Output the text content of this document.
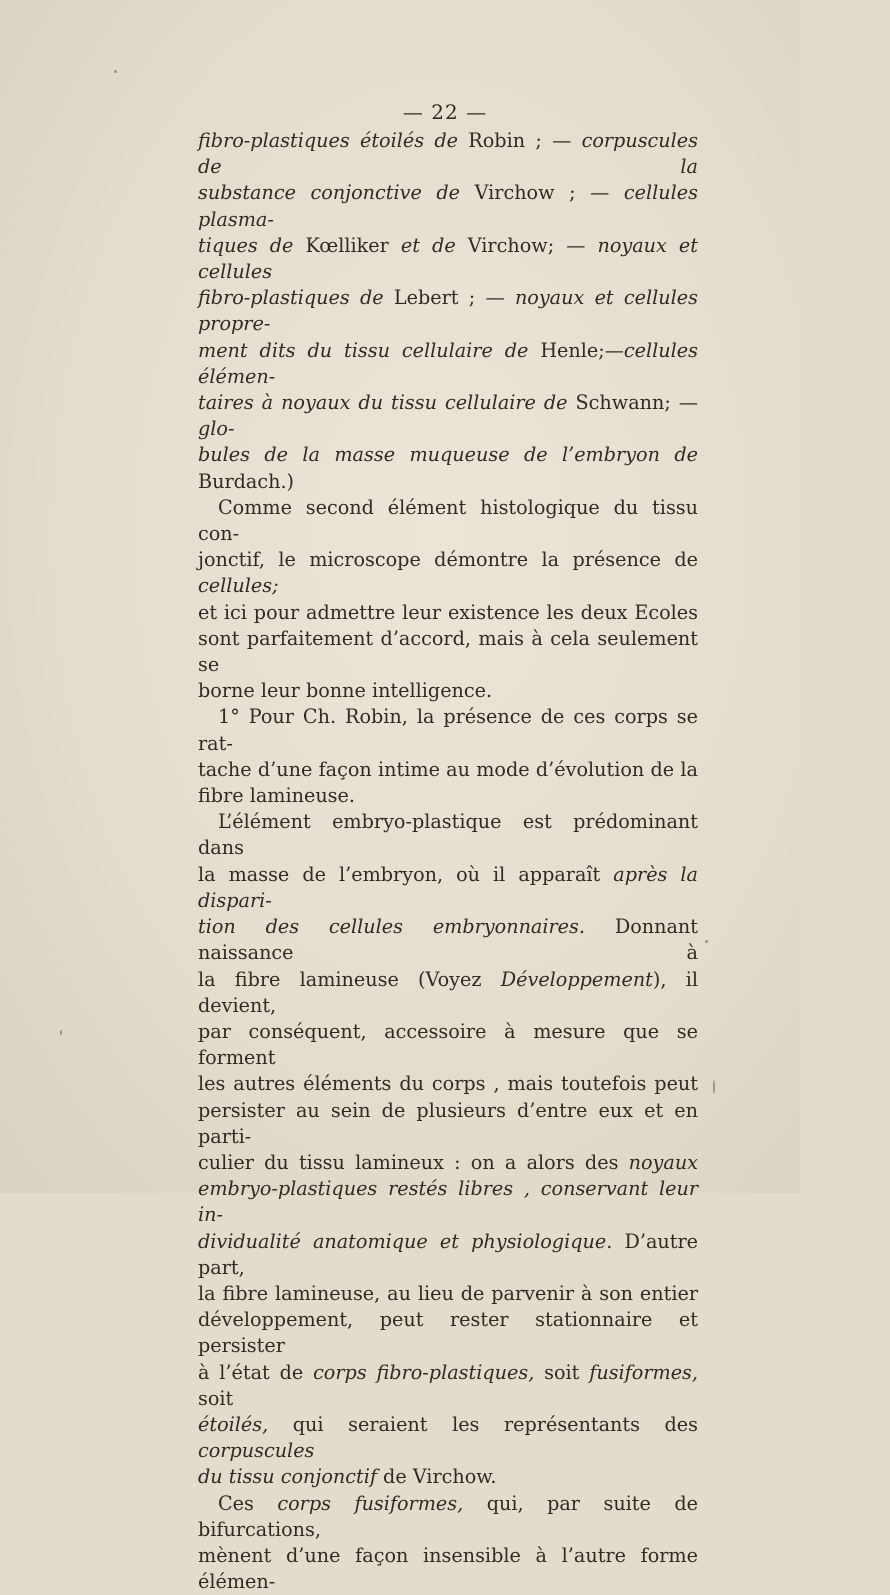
— 22 —

fibro-plastiques étoilés de Robin ; — corpuscules de la
substance conjonctive de Virchow ; — cellules plasma-
tiques de Kœlliker et de Virchow; — noyaux et cellules
fibro-plastiques de Lebert ; — noyaux et cellules propre-
ment dits du tissu cellulaire de Henle;—cellules élémen-
taires à noyaux du tissu cellulaire de Schwann; — glo-
bules de la masse muqueuse de l’embryon de Burdach.)

Comme second élément histologique du tissu con-
jonctif, le microscope démontre la présence de cellules;
et ici pour admettre leur existence les deux Ecoles
sont parfaitement d’accord, mais à cela seulement se
borne leur bonne intelligence.

1° Pour Ch. Robin, la présence de ces corps se rat-
tache d’une façon intime au mode d’évolution de la
fibre lamineuse.

L’élément embryo-plastique est prédominant dans
la masse de l’embryon, où il apparaît après la dispari-
tion des cellules embryonnaires. Donnant naissance à
la fibre lamineuse (Voyez Développement), il devient,
par conséquent, accessoire à mesure que se forment
les autres éléments du corps , mais toutefois peut
persister au sein de plusieurs d’entre eux et en parti-
culier du tissu lamineux : on a alors des noyaux
embryo-plastiques restés libres , conservant leur in-
dividualité anatomique et physiologique. D’autre part,
la fibre lamineuse, au lieu de parvenir à son entier
développement, peut rester stationnaire et persister
à l’état de corps fibro-plastiques, soit fusiformes, soit
étoilés, qui seraient les représentants des corpuscules
du tissu conjonctif de Virchow.

Ces corps fusiformes, qui, par suite de bifurcations,
mènent d’une façon insensible à l’autre forme élémen-
